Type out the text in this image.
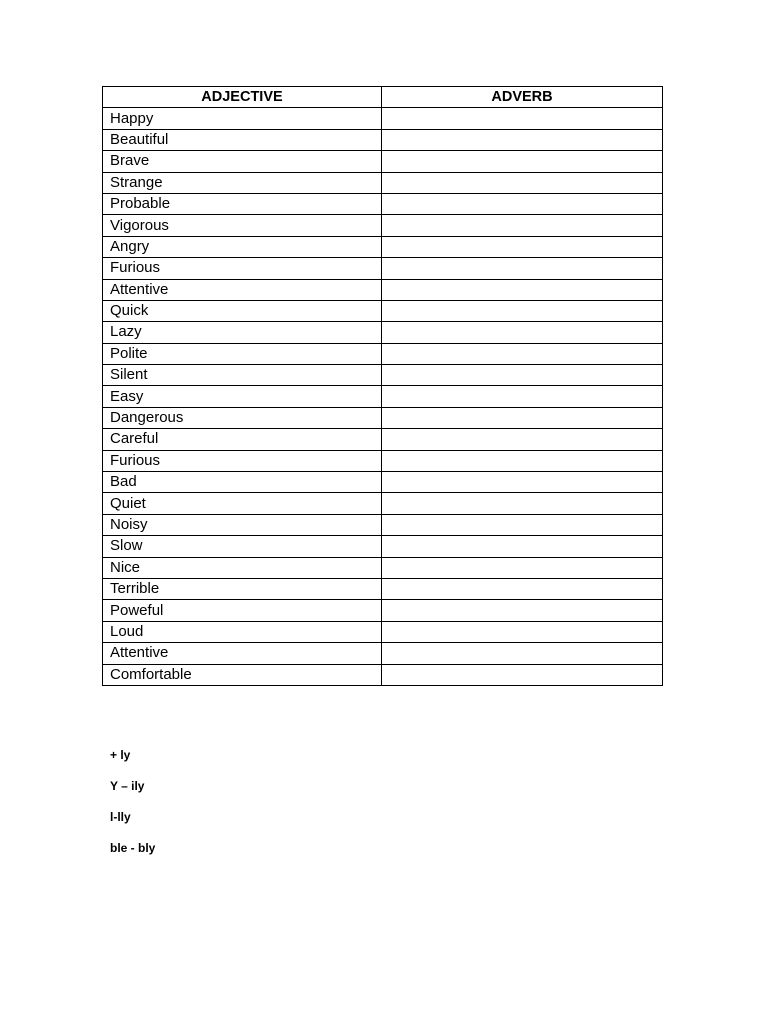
ADJECTIVE	ADVERB
Happy	
Beautiful	
Brave	
Strange	
Probable	
Vigorous	
Angry	
Furious	
Attentive	
Quick	
Lazy	
Polite	
Silent	
Easy	
Dangerous	
Careful	
Furious	
Bad	
Quiet	
Noisy	
Slow	
Nice	
Terrible	
Poweful	
Loud	
Attentive	
Comfortable	
+ ly
Y – ily
l-lly
ble - bly
